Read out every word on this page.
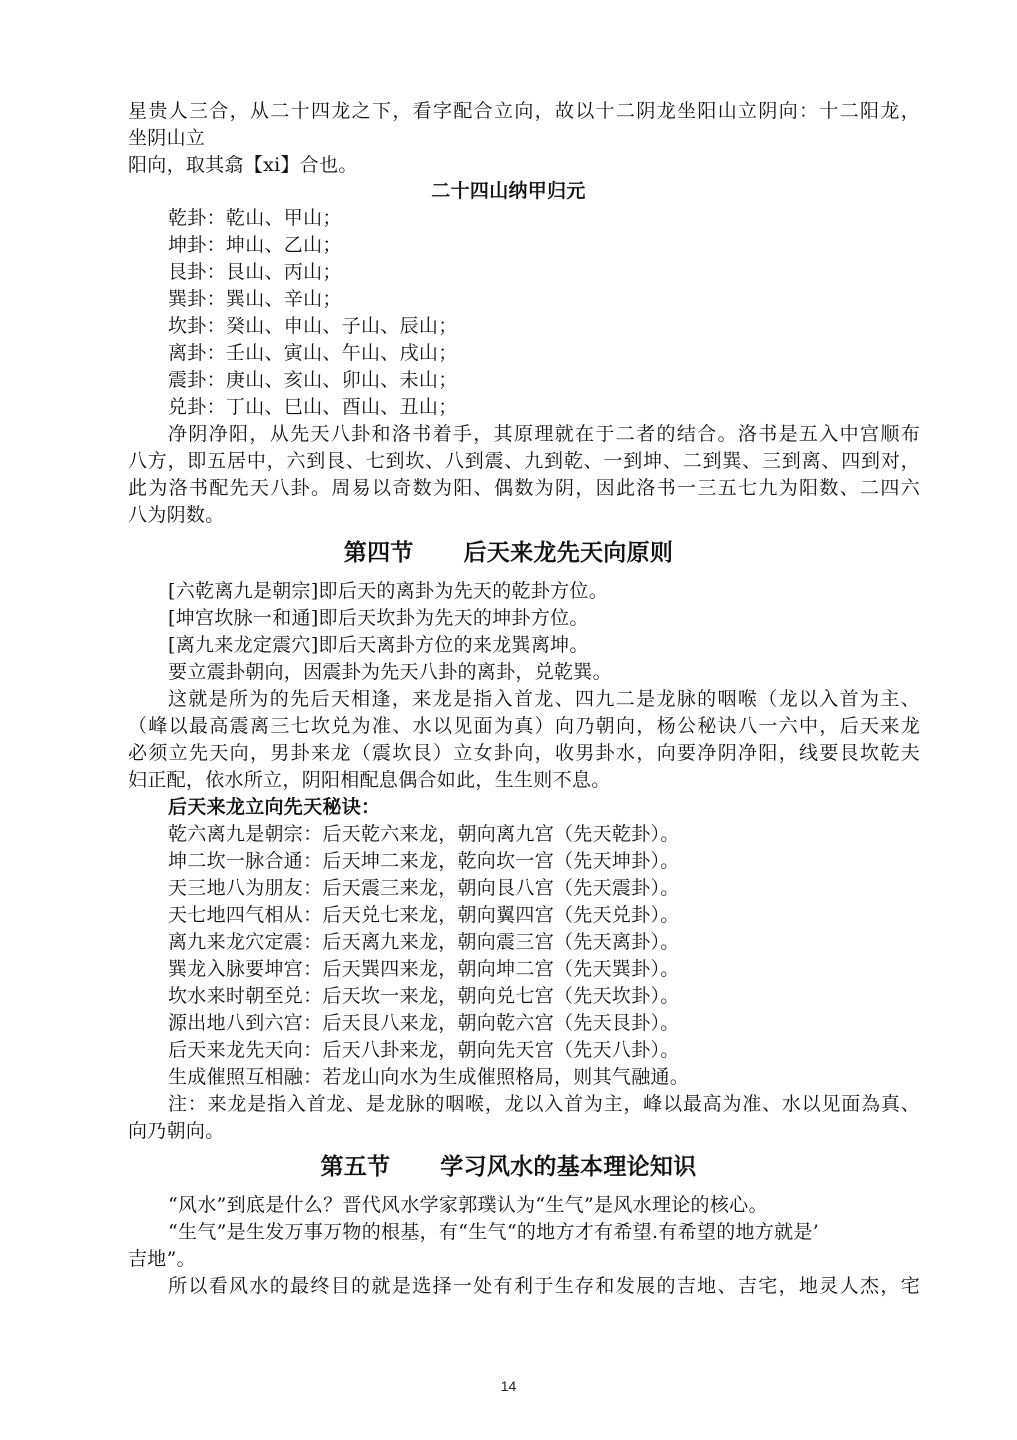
星贵人三合，从二十四龙之下，看字配合立向，故以十二阴龙坐阳山立阴向：十二阳龙，
坐阴山立
阳向，取其翕【xi】合也。
二十四山纳甲归元
乾卦：乾山、甲山；
坤卦：坤山、乙山；
艮卦：艮山、丙山；
巽卦：巽山、辛山；
坎卦：癸山、申山、子山、辰山；
离卦：壬山、寅山、午山、戌山；
震卦：庚山、亥山、卯山、未山；
兑卦：丁山、巳山、酉山、丑山；
净阴净阳，从先天八卦和洛书着手，其原理就在于二者的结合。洛书是五入中宫顺布
八方，即五居中，六到艮、七到坎、八到震、九到乾、一到坤、二到巽、三到离、四到对，
此为洛书配先天八卦。周易以奇数为阳、偶数为阴，因此洛书一三五七九为阳数、二四六
八为阴数。
第四节      后天来龙先天向原则
[六乾离九是朝宗]即后天的离卦为先天的乾卦方位。
[坤宫坎脉一和通]即后天坎卦为先天的坤卦方位。
[离九来龙定震穴]即后天离卦方位的来龙巽离坤。
要立震卦朝向，因震卦为先天八卦的离卦，兑乾巽。
这就是所为的先后天相逢，来龙是指入首龙、四九二是龙脉的咽喉（龙以入首为主、
（峰以最高震离三七坎兑为准、水以见面为真）向乃朝向，杨公秘诀八一六中，后天来龙
必须立先天向，男卦来龙（震坎艮）立女卦向，收男卦水，向要净阴净阳，线要艮坎乾夫
妇正配，依水所立，阴阳相配息偶合如此，生生则不息。
后天来龙立向先天秘诀：
乾六离九是朝宗：后天乾六来龙，朝向离九宫（先天乾卦）。
坤二坎一脉合通：后天坤二来龙，乾向坎一宫（先天坤卦）。
天三地八为朋友：后天震三来龙，朝向艮八宫（先天震卦）。
天七地四气相从：后天兑七来龙，朝向翼四宫（先天兑卦）。
离九来龙穴定震：后天离九来龙，朝向震三宫（先天离卦）。
巽龙入脉要坤宫：后天巽四来龙，朝向坤二宫（先天巽卦）。
坎水来时朝至兑：后天坎一来龙，朝向兑七宫（先天坎卦）。
源出地八到六宫：后天艮八来龙，朝向乾六宫（先天艮卦）。
后天来龙先天向：后天八卦来龙，朝向先天宫（先天八卦）。
生成催照互相融：若龙山向水为生成催照格局，则其气融通。
注：来龙是指入首龙、是龙脉的咽喉，龙以入首为主，峰以最高为准、水以见面為真、
向乃朝向。
第五节      学习风水的基本理论知识
“风水”到底是什么？晋代风水学家郭璞认为“生气”是风水理论的核心。
“生气”是生发万事万物的根基，有“生气“的地方才有希望.有希望的地方就是’
吉地”。
所以看风水的最终目的就是选择一处有利于生存和发展的吉地、吉宅，地灵人杰，宅
14
